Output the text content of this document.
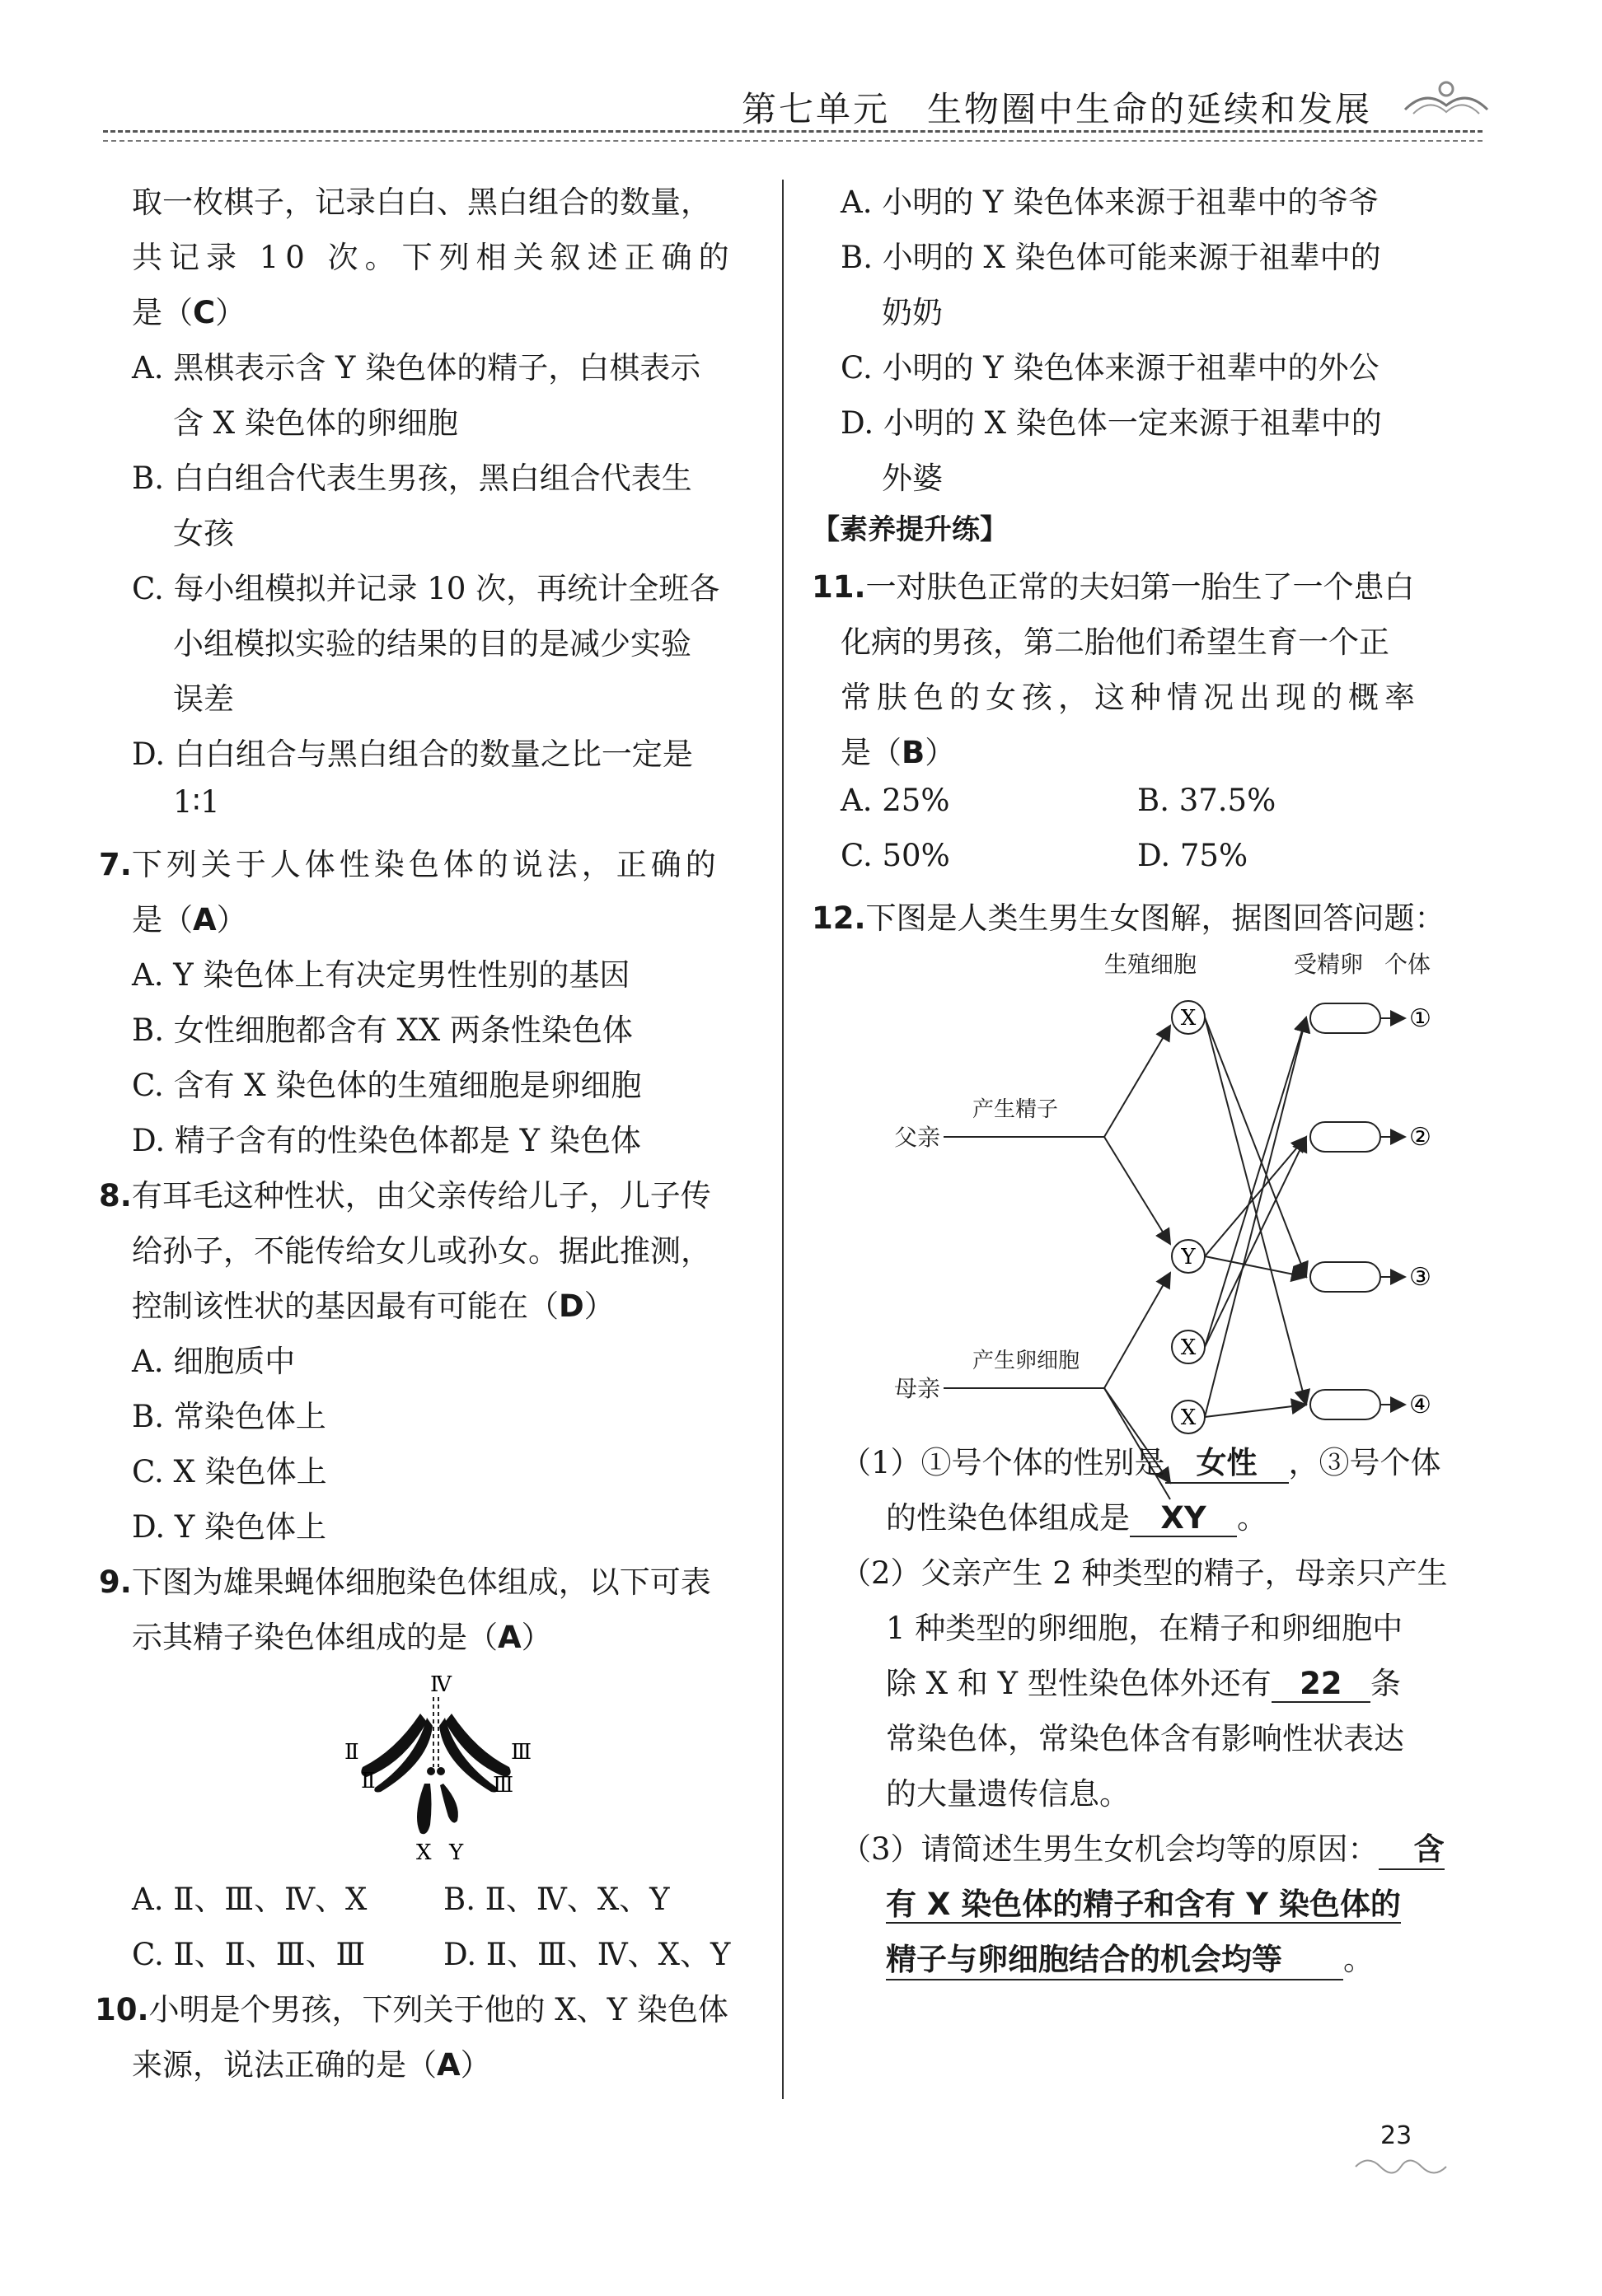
第七单元　生物圈中生命的延续和发展
取一枚棋子，记录白白、黑白组合的数量，
共记录 10 次。下列相关叙述正确的
是（C）
A. 黑棋表示含 Y 染色体的精子，白棋表示
含 X 染色体的卵细胞
B. 白白组合代表生男孩，黑白组合代表生
女孩
C. 每小组模拟并记录 10 次，再统计全班各
小组模拟实验的结果的目的是减少实验
误差
D. 白白组合与黑白组合的数量之比一定是
1∶1
7.下列关于人体性染色体的说法，正确的
是（A）
A. Y 染色体上有决定男性性别的基因
B. 女性细胞都含有 XX 两条性染色体
C. 含有 X 染色体的生殖细胞是卵细胞
D. 精子含有的性染色体都是 Y 染色体
8.有耳毛这种性状，由父亲传给儿子，儿子传
给孙子，不能传给女儿或孙女。据此推测，
控制该性状的基因最有可能在（D）
A. 细胞质中
B. 常染色体上
C. X 染色体上
D. Y 染色体上
9.下图为雄果蝇体细胞染色体组成，以下可表
示其精子染色体组成的是（A）
Ⅳ
Ⅱ
Ⅱ
Ⅲ
Ⅲ
X Y
A. Ⅱ、Ⅲ、Ⅳ、X	B. Ⅱ、Ⅳ、X、Y
C. Ⅱ、Ⅱ、Ⅲ、Ⅲ	D. Ⅱ、Ⅲ、Ⅳ、X、Y
10.小明是个男孩，下列关于他的 X、Y 染色体
来源，说法正确的是（A）
A. 小明的 Y 染色体来源于祖辈中的爷爷
B. 小明的 X 染色体可能来源于祖辈中的
奶奶
C. 小明的 Y 染色体来源于祖辈中的外公
D. 小明的 X 染色体一定来源于祖辈中的
外婆
【素养提升练】
11.一对肤色正常的夫妇第一胎生了一个患白
化病的男孩，第二胎他们希望生育一个正
常肤色的女孩，这种情况出现的概率
是（B）
A. 25%	B. 37.5%
C. 50%	D. 75%
12.下图是人类生男生女图解，据图回答问题：
生殖细胞	受精卵 个体
父亲
母亲
产生精子
产生卵细胞
X
Y
X
X
①
②
③
④
（1）①号个体的性别是 女性 ，③号个体
的性染色体组成是 XY 。
（2）父亲产生 2 种类型的精子，母亲只产生
1 种类型的卵细胞，在精子和卵细胞中
除 X 和 Y 型性染色体外还有 22 条
常染色体，常染色体含有影响性状表达
的大量遗传信息。
（3）请简述生男生女机会均等的原因： 含
有 X 染色体的精子和含有 Y 染色体的
精子与卵细胞结合的机会均等 。
23
